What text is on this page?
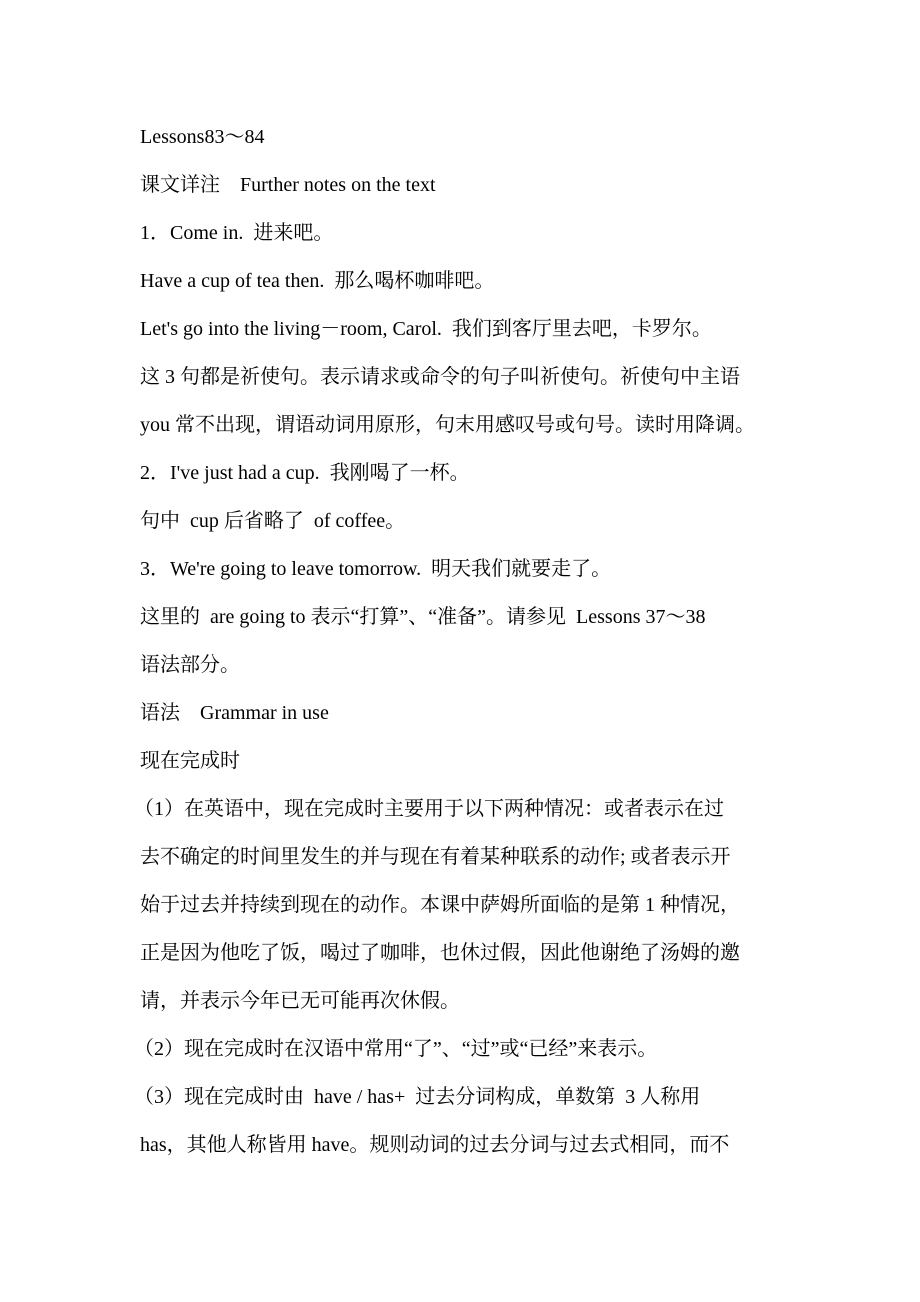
Lessons83～84
课文详注　Further notes on the text
1．Come in.  进来吧。
Have a cup of tea then.  那么喝杯咖啡吧。
Let's go into the living－room, Carol.  我们到客厅里去吧，卡罗尔。
这 3 句都是祈使句。表示请求或命令的句子叫祈使句。祈使句中主语
you 常不出现，谓语动词用原形，句末用感叹号或句号。读时用降调。
2．I've just had a cup.  我刚喝了一杯。
句中  cup 后省略了  of coffee。
3．We're going to leave tomorrow.  明天我们就要走了。
这里的  are going to 表示“打算”、“准备”。请参见  Lessons 37～38
语法部分。
语法　Grammar in use
现在完成时
（1）在英语中，现在完成时主要用于以下两种情况：或者表示在过
去不确定的时间里发生的并与现在有着某种联系的动作; 或者表示开
始于过去并持续到现在的动作。本课中萨姆所面临的是第 1 种情况，
正是因为他吃了饭，喝过了咖啡，也休过假，因此他谢绝了汤姆的邀
请，并表示今年已无可能再次休假。
（2）现在完成时在汉语中常用“了”、“过”或“已经”来表示。
（3）现在完成时由  have / has+  过去分词构成，单数第  3 人称用
has，其他人称皆用 have。规则动词的过去分词与过去式相同，而不
